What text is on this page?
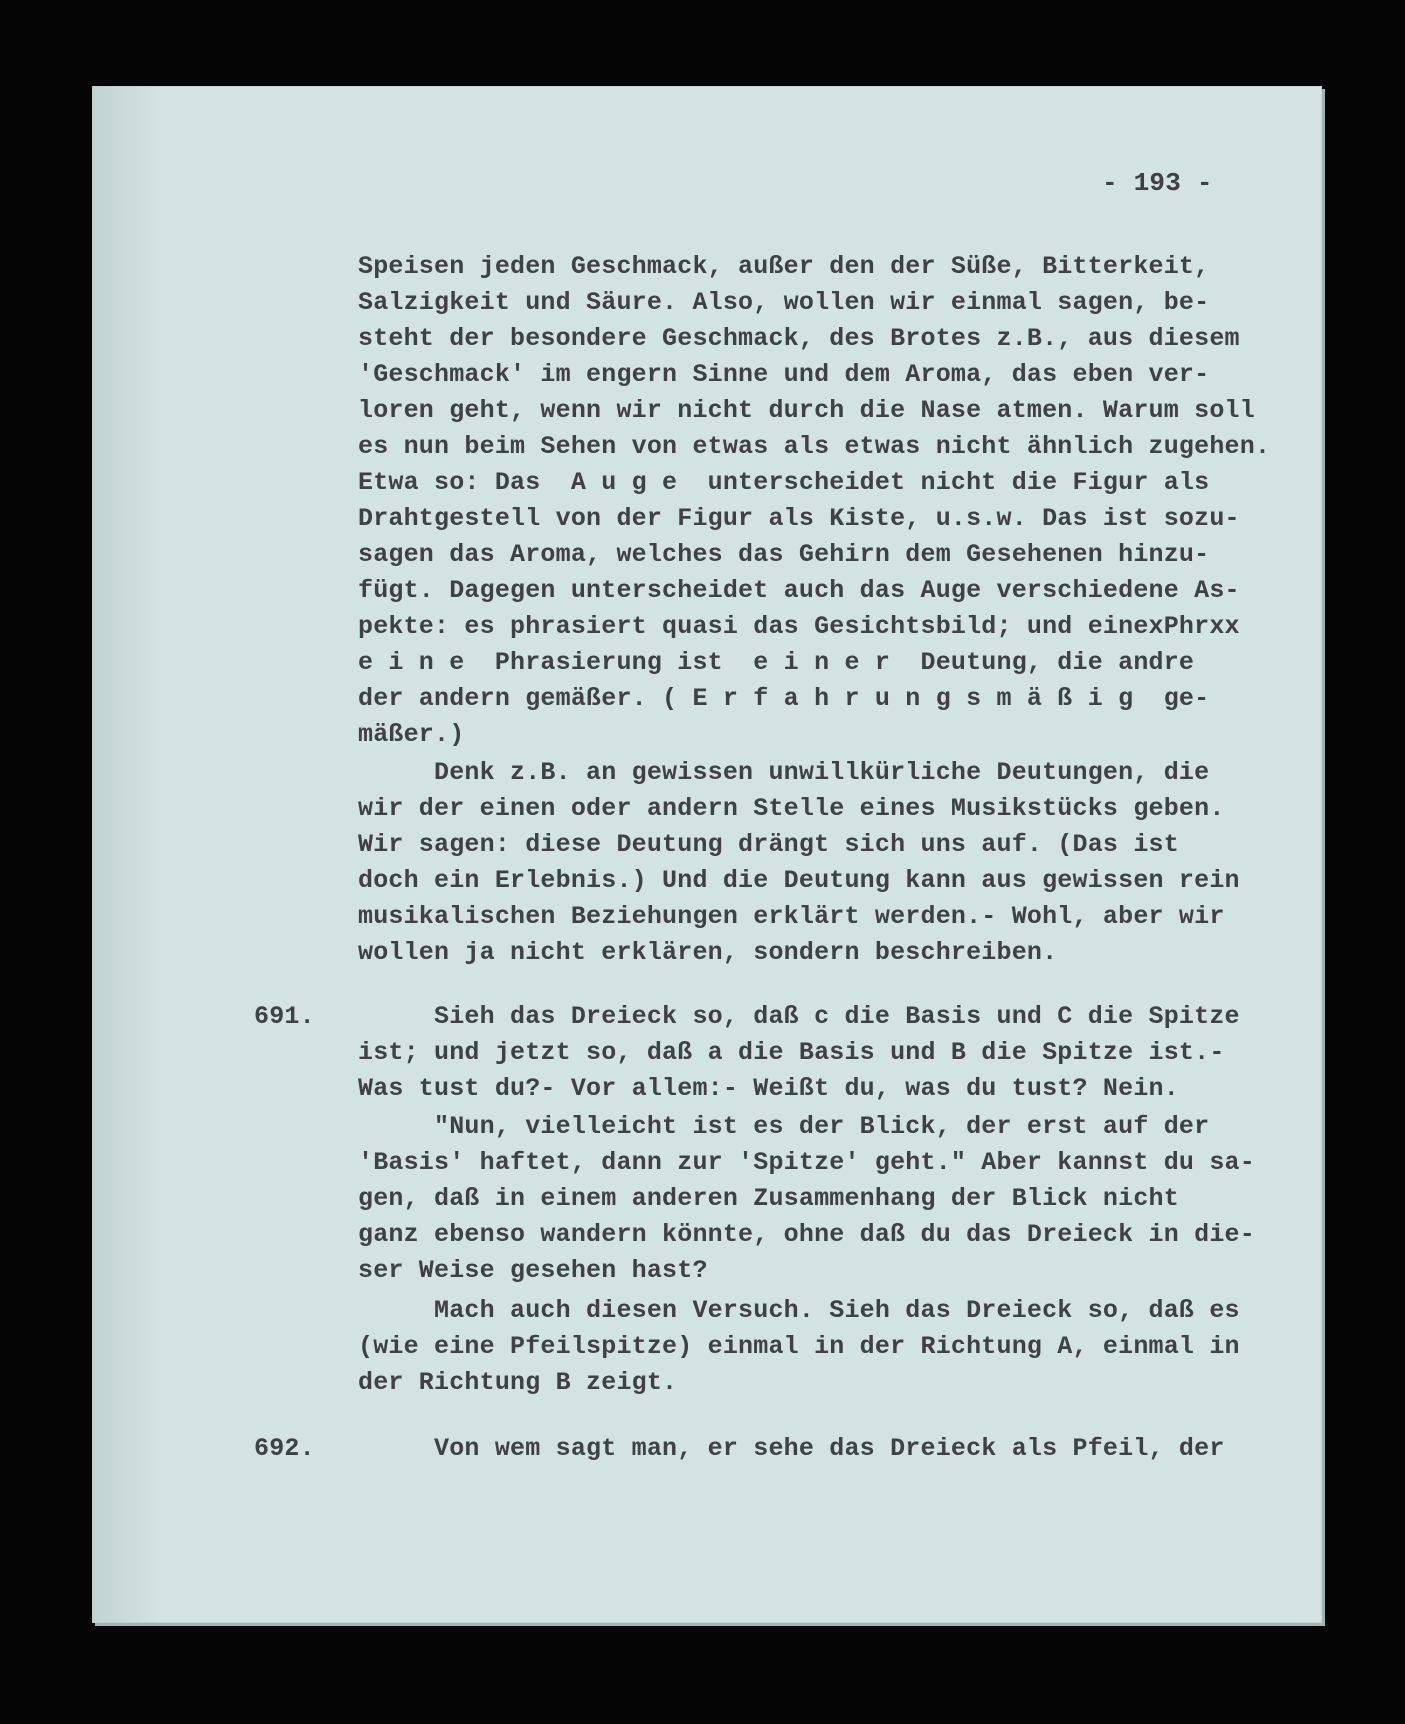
- 193 -
Speisen jeden Geschmack, außer den der Süße, Bitterkeit,
Salzigkeit und Säure. Also, wollen wir einmal sagen, be-
steht der besondere Geschmack, des Brotes z.B., aus diesem
'Geschmack' im engern Sinne und dem Aroma, das eben ver-
loren geht, wenn wir nicht durch die Nase atmen. Warum soll
es nun beim Sehen von etwas als etwas nicht ähnlich zugehen.
Etwa so: Das  A u g e  unterscheidet nicht die Figur als
Drahtgestell von der Figur als Kiste, u.s.w. Das ist sozu-
sagen das Aroma, welches das Gehirn dem Gesehenen hinzu-
fügt. Dagegen unterscheidet auch das Auge verschiedene As-
pekte: es phrasiert quasi das Gesichtsbild; und einexPhrxx
e i n e  Phrasierung ist  e i n e r  Deutung, die andre
der andern gemäßer. ( E r f a h r u n g s m ä ß i g  ge-
mäßer.)
Denk z.B. an gewissen unwillkürliche Deutungen, die
wir der einen oder andern Stelle eines Musikstücks geben.
Wir sagen: diese Deutung drängt sich uns auf. (Das ist
doch ein Erlebnis.) Und die Deutung kann aus gewissen rein
musikalischen Beziehungen erklärt werden.- Wohl, aber wir
wollen ja nicht erklären, sondern beschreiben.
691. Sieh das Dreieck so, daß c die Basis und C die Spitze
ist; und jetzt so, daß a die Basis und B die Spitze ist.-
Was tust du?- Vor allem:- Weißt du, was du tust? Nein.
"Nun, vielleicht ist es der Blick, der erst auf der
'Basis' haftet, dann zur 'Spitze' geht." Aber kannst du sa-
gen, daß in einem anderen Zusammenhang der Blick nicht
ganz ebenso wandern könnte, ohne daß du das Dreieck in die-
ser Weise gesehen hast?
Mach auch diesen Versuch. Sieh das Dreieck so, daß es
(wie eine Pfeilspitze) einmal in der Richtung A, einmal in
der Richtung B zeigt.
692. Von wem sagt man, er sehe das Dreieck als Pfeil, der
